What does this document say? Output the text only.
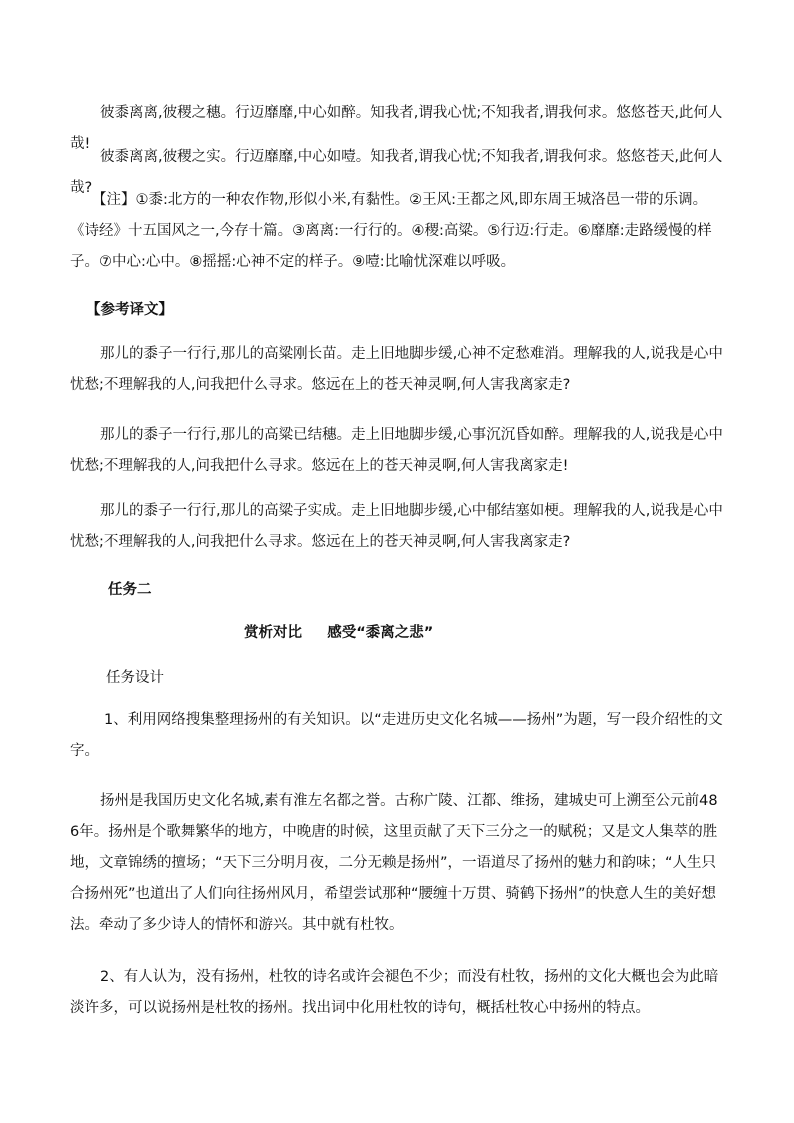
彼黍离离,彼稷之穗。行迈靡靡,中心如醉。知我者,谓我心忧;不知我者,谓我何求。悠悠苍天,此何人哉!

彼黍离离,彼稷之实。行迈靡靡,中心如噎。知我者,谓我心忧;不知我者,谓我何求。悠悠苍天,此何人哉?

【注】①黍:北方的一种农作物,形似小米,有黏性。②王风:王都之风,即东周王城洛邑一带的乐调。《诗经》十五国风之一,今存十篇。③离离:一行行的。④稷:高粱。⑤行迈:行走。⑥靡靡:走路缓慢的样子。⑦中心:心中。⑧摇摇:心神不定的样子。⑨噎:比喻忧深难以呼吸。

【参考译文】

那儿的黍子一行行,那儿的高粱刚长苗。走上旧地脚步缓,心神不定愁难消。理解我的人,说我是心中忧愁;不理解我的人,问我把什么寻求。悠远在上的苍天神灵啊,何人害我离家走?

那儿的黍子一行行,那儿的高粱已结穗。走上旧地脚步缓,心事沉沉昏如醉。理解我的人,说我是心中忧愁;不理解我的人,问我把什么寻求。悠远在上的苍天神灵啊,何人害我离家走!

那儿的黍子一行行,那儿的高粱子实成。走上旧地脚步缓,心中郁结塞如梗。理解我的人,说我是心中忧愁;不理解我的人,问我把什么寻求。悠远在上的苍天神灵啊,何人害我离家走?

任务二

赏析对比 感受“黍离之悲”

任务设计

1、利用网络搜集整理扬州的有关知识。以“走进历史文化名城——扬州”为题，写一段介绍性的文字。

扬州是我国历史文化名城,素有淮左名都之誉。古称广陵、江都、维扬，建城史可上溯至公元前486年。扬州是个歌舞繁华的地方，中晚唐的时候，这里贡献了天下三分之一的赋税；又是文人集萃的胜地，文章锦绣的擅场；“天下三分明月夜，二分无赖是扬州”，一语道尽了扬州的魅力和韵味；“人生只合扬州死”也道出了人们向往扬州风月，希望尝试那种“腰缠十万贯、骑鹤下扬州”的快意人生的美好想法。牵动了多少诗人的情怀和游兴。其中就有杜牧。

2、有人认为，没有扬州，杜牧的诗名或许会褪色不少；而没有杜牧，扬州的文化大概也会为此暗淡许多，可以说扬州是杜牧的扬州。找出词中化用杜牧的诗句，概括杜牧心中扬州的特点。
